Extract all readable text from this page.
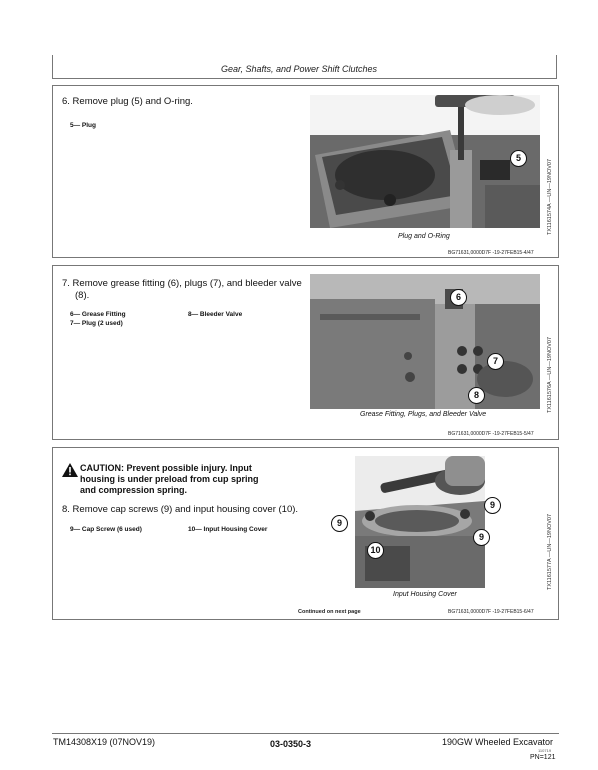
Gear, Shafts, and Power Shift Clutches
6. Remove plug (5) and O-ring.
5— Plug
5
Plug and O-Ring
BG71631,0000D7F -19-27FEB15-4/47
TX1161574A —UN—19NOV07
7. Remove grease fitting (6), plugs (7), and bleeder valve
(8).
6— Grease Fitting
7— Plug (2 used)
8— Bleeder Valve
6
7
8
Grease Fitting, Plugs, and Bleeder Valve
BG71631,0000D7F -19-27FEB15-5/47
TX1161576A —UN—19NOV07
CAUTION: Prevent possible injury. Input
housing is under preload from cup spring
and compression spring.
8. Remove cap screws (9) and input housing cover (10).
9— Cap Screw (6 used)	10— Input Housing Cover
9
9
9
10
Input Housing Cover
Continued on next page	BG71631,0000D7F -19-27FEB15-6/47
TX1161577A —UN—19NOV07
TM14308X19 (07NOV19)	03-0350-3	190GW Wheeled Excavator
110719
PN=121
